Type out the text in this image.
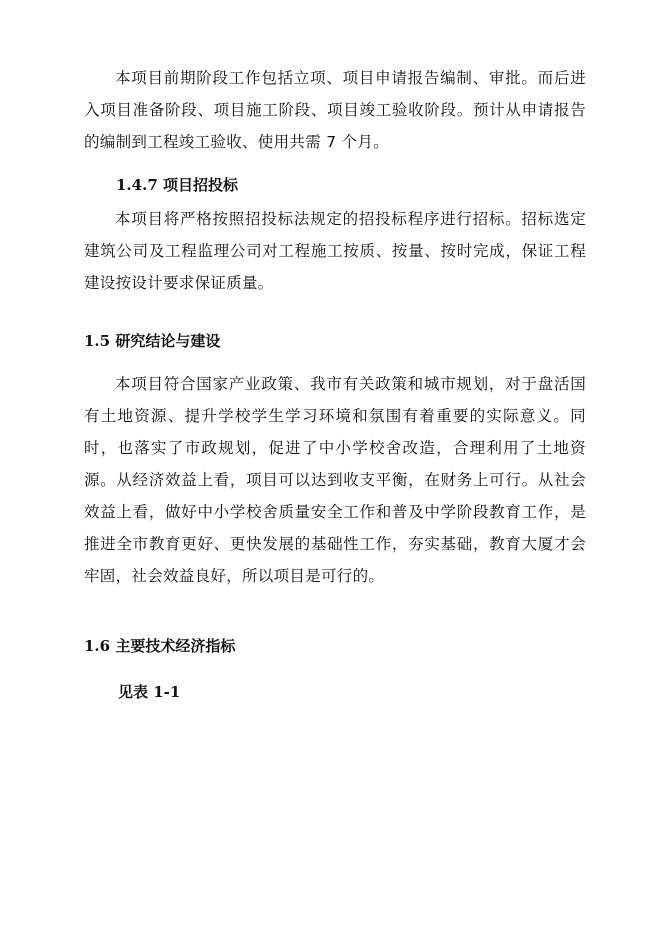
本项目前期阶段工作包括立项、项目申请报告编制、审批。而后进入项目准备阶段、项目施工阶段、项目竣工验收阶段。预计从申请报告的编制到工程竣工验收、使用共需 7 个月。

1.4.7 项目招投标

本项目将严格按照招投标法规定的招投标程序进行招标。招标选定建筑公司及工程监理公司对工程施工按质、按量、按时完成，保证工程建设按设计要求保证质量。

1.5 研究结论与建设

本项目符合国家产业政策、我市有关政策和城市规划，对于盘活国有土地资源、提升学校学生学习环境和氛围有着重要的实际意义。同时，也落实了市政规划，促进了中小学校舍改造，合理利用了土地资源。从经济效益上看，项目可以达到收支平衡，在财务上可行。从社会效益上看，做好中小学校舍质量安全工作和普及中学阶段教育工作，是推进全市教育更好、更快发展的基础性工作，夯实基础，教育大厦才会牢固，社会效益良好，所以项目是可行的。

1.6 主要技术经济指标
见表 1-1
